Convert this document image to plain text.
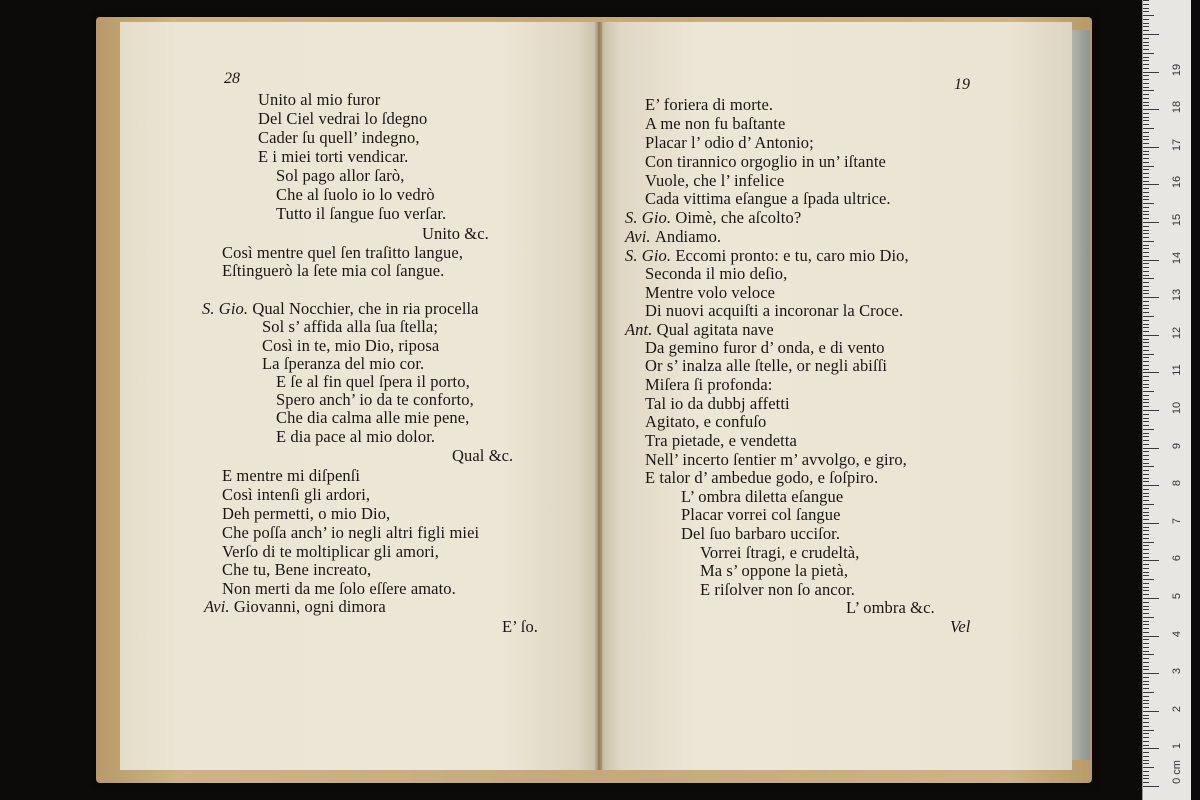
Unito al mio furor
Del Ciel vedrai lo ſdegno
Cader ſu quell’ indegno,
E i miei torti vendicar.
Sol pago allor ſarò,
Che al ſuolo io lo vedrò
Tutto il ſangue ſuo verſar.
Unito &c.
Così mentre quel ſen traſitto langue,
Eſtinguerò la ſete mia col ſangue.
S. Gio. Qual Nocchier, che in ria procella
Sol s’ affida alla ſua ſtella;
Così in te, mio Dio, riposa
La ſperanza del mio cor.
E ſe al fin quel ſpera il porto,
Spero anch’ io da te conforto,
Che dia calma alle mie pene,
E dia pace al mio dolor.
Qual &c.
E mentre mi diſpenſi
Così intenſi gli ardori,
Deh permetti, o mio Dio,
Che poſſa anch’ io negli altri figli miei
Verſo di te moltiplicar gli amori,
Che tu, Bene increato,
Non merti da me ſolo eſſere amato.
Avi. Giovanni, ogni dimora
E’ foriera di morte.
A me non fu baſtante
Placar l’ odio d’ Antonio;
Con tirannico orgoglio in un’ iſtante
Vuole, che l’ infelice
Cada vittima eſangue a ſpada ultrice.
S. Gio. Oimè, che aſcolto?
Avi. Andiamo.
S. Gio. Eccomi pronto: e tu, caro mio Dio,
Seconda il mio deſio,
Mentre volo veloce
Di nuovi acquiſti a incoronar la Croce.
Ant. Qual agitata nave
Da gemino furor d’ onda, e di vento
Or s’ inalza alle ſtelle, or negli abiſſi
Miſera ſi profonda:
Tal io da dubbj affetti
Agitato, e confuſo
Tra pietade, e vendetta
Nell’ incerto ſentier m’ avvolgo, e giro,
E talor d’ ambedue godo, e ſoſpiro.
L’ ombra diletta eſangue
Placar vorrei col ſangue
Del ſuo barbaro ucciſor.
Vorrei ſtragi, e crudeltà,
Ma s’ oppone la pietà,
E riſolver non ſo ancor.
L’ ombra &c.
28	19
E’ ſo.	Vel
19
18
17
16
15
14
13
12
11
10
9
8
7
6
5
4
3
2
1
0 cm
